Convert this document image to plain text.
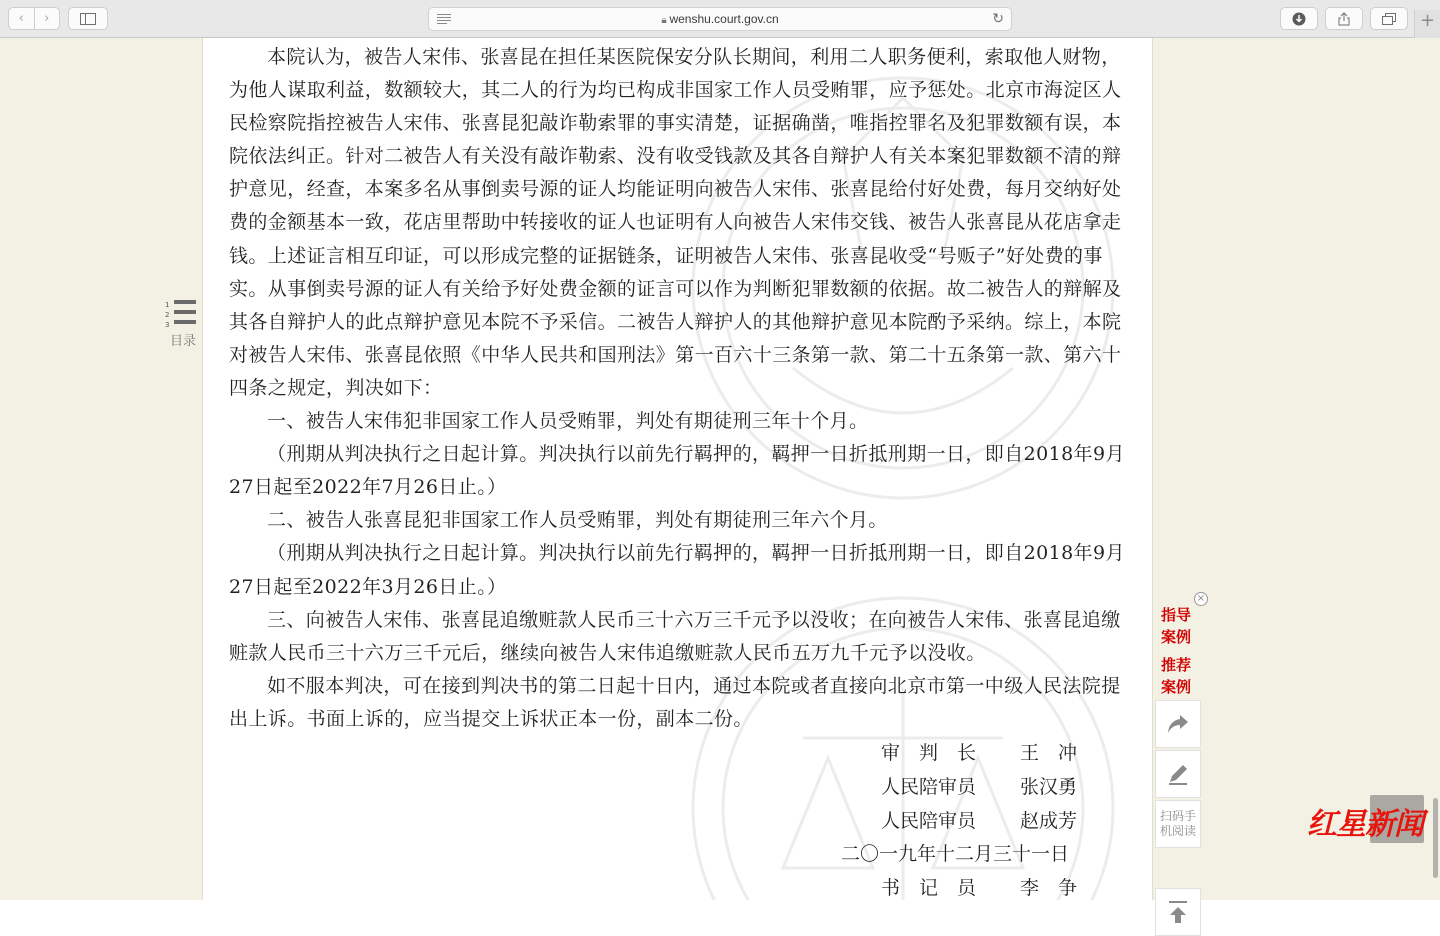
‹ ›	🔒︎ wenshu.court.gov.cn	↻	+

本院认为，被告人宋伟、张喜昆在担任某医院保安分队长期间，利用二人职务便利，索取他人财物，为他人谋取利益，数额较大，其二人的行为均已构成非国家工作人员受贿罪，应予惩处。北京市海淀区人民检察院指控被告人宋伟、张喜昆犯敲诈勒索罪的事实清楚，证据确凿，唯指控罪名及犯罪数额有误，本院依法纠正。针对二被告人有关没有敲诈勒索、没有收受钱款及其各自辩护人有关本案犯罪数额不清的辩护意见，经查，本案多名从事倒卖号源的证人均能证明向被告人宋伟、张喜昆给付好处费，每月交纳好处费的金额基本一致，花店里帮助中转接收的证人也证明有人向被告人宋伟交钱、被告人张喜昆从花店拿走钱。上述证言相互印证，可以形成完整的证据链条，证明被告人宋伟、张喜昆收受“号贩子”好处费的事实。从事倒卖号源的证人有关给予好处费金额的证言可以作为判断犯罪数额的依据。故二被告人的辩解及其各自辩护人的此点辩护意见本院不予采信。二被告人辩护人的其他辩护意见本院酌予采纳。综上，本院对被告人宋伟、张喜昆依照《中华人民共和国刑法》第一百六十三条第一款、第二十五条第一款、第六十四条之规定，判决如下：

一、被告人宋伟犯非国家工作人员受贿罪，判处有期徒刑三年十个月。

（刑期从判决执行之日起计算。判决执行以前先行羁押的，羁押一日折抵刑期一日，即自2018年9月27日起至2022年7月26日止。）

二、被告人张喜昆犯非国家工作人员受贿罪，判处有期徒刑三年六个月。

（刑期从判决执行之日起计算。判决执行以前先行羁押的，羁押一日折抵刑期一日，即自2018年9月27日起至2022年3月26日止。）

三、向被告人宋伟、张喜昆追缴赃款人民币三十六万三千元予以没收；在向被告人宋伟、张喜昆追缴赃款人民币三十六万三千元后，继续向被告人宋伟追缴赃款人民币五万九千元予以没收。

如不服本判决，可在接到判决书的第二日起十日内，通过本院或者直接向北京市第一中级人民法院提出上诉。书面上诉的，应当提交上诉状正本一份，副本二份。

审　判　长 王　冲
人民陪审员 张汉勇
人民陪审员 赵成芳
二〇一九年十二月三十一日
书　记　员 李　争
1
2
3
目录
×
指导案例
推荐案例
扫码手机阅读	红星新闻
